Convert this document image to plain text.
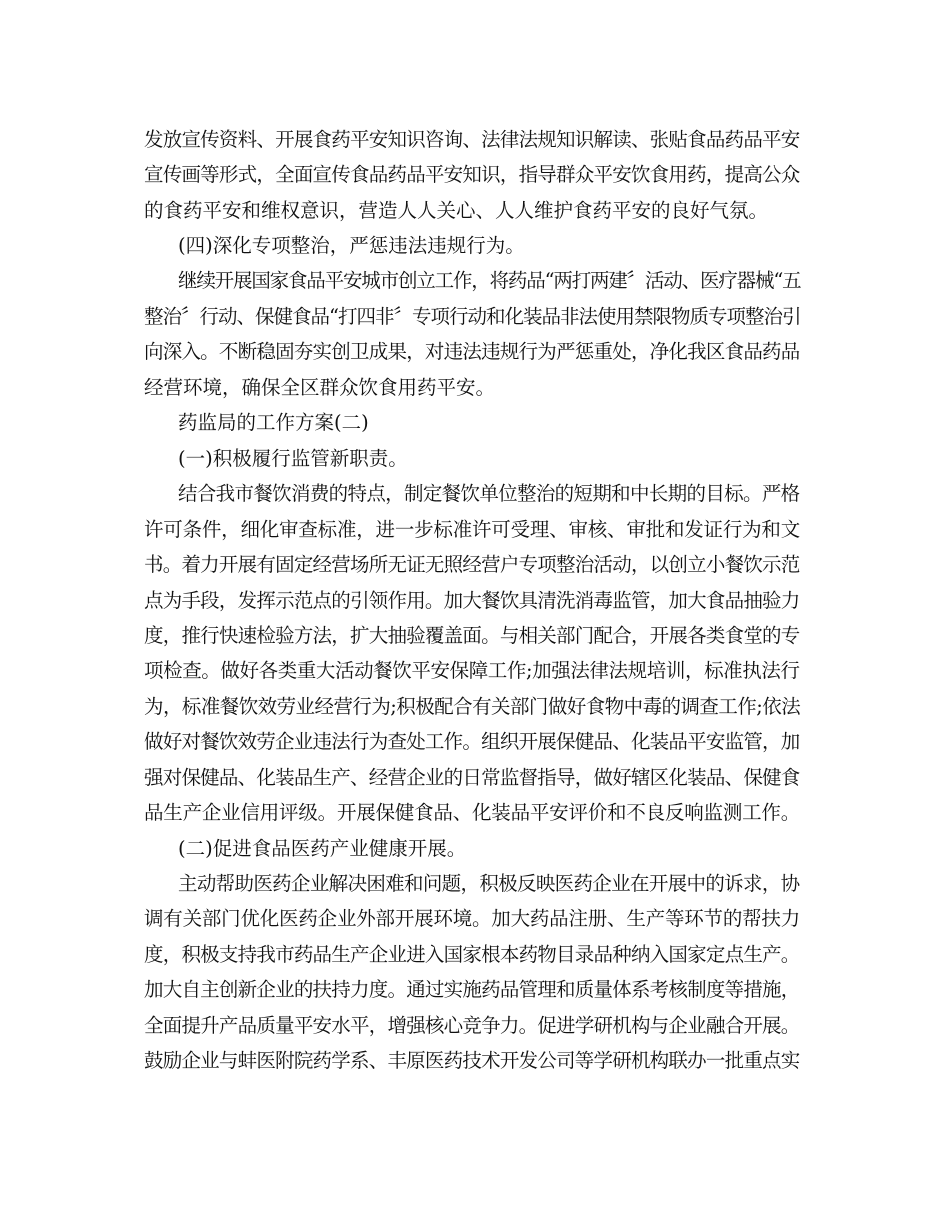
发放宣传资料、开展食药平安知识咨询、法律法规知识解读、张贴食品药品平安
宣传画等形式，全面宣传食品药品平安知识，指导群众平安饮食用药，提高公众
的食药平安和维权意识，营造人人关心、人人维护食药平安的良好气氛。
(四)深化专项整治，严惩违法违规行为。
继续开展国家食品平安城市创立工作，将药品“两打两建〞活动、医疗器械“五
整治〞行动、保健食品“打四非〞专项行动和化装品非法使用禁限物质专项整治引
向深入。不断稳固夯实创卫成果，对违法违规行为严惩重处，净化我区食品药品
经营环境，确保全区群众饮食用药平安。
药监局的工作方案(二)
(一)积极履行监管新职责。
结合我市餐饮消费的特点，制定餐饮单位整治的短期和中长期的目标。严格
许可条件，细化审查标准，进一步标准许可受理、审核、审批和发证行为和文
书。着力开展有固定经营场所无证无照经营户专项整治活动，以创立小餐饮示范
点为手段，发挥示范点的引领作用。加大餐饮具清洗消毒监管，加大食品抽验力
度，推行快速检验方法，扩大抽验覆盖面。与相关部门配合，开展各类食堂的专
项检查。做好各类重大活动餐饮平安保障工作;加强法律法规培训，标准执法行
为，标准餐饮效劳业经营行为;积极配合有关部门做好食物中毒的调查工作;依法
做好对餐饮效劳企业违法行为查处工作。组织开展保健品、化装品平安监管，加
强对保健品、化装品生产、经营企业的日常监督指导，做好辖区化装品、保健食
品生产企业信用评级。开展保健食品、化装品平安评价和不良反响监测工作。
(二)促进食品医药产业健康开展。
主动帮助医药企业解决困难和问题，积极反映医药企业在开展中的诉求，协
调有关部门优化医药企业外部开展环境。加大药品注册、生产等环节的帮扶力
度，积极支持我市药品生产企业进入国家根本药物目录品种纳入国家定点生产。
加大自主创新企业的扶持力度。通过实施药品管理和质量体系考核制度等措施，
全面提升产品质量平安水平，增强核心竞争力。促进学研机构与企业融合开展。
鼓励企业与蚌医附院药学系、丰原医药技术开发公司等学研机构联办一批重点实
